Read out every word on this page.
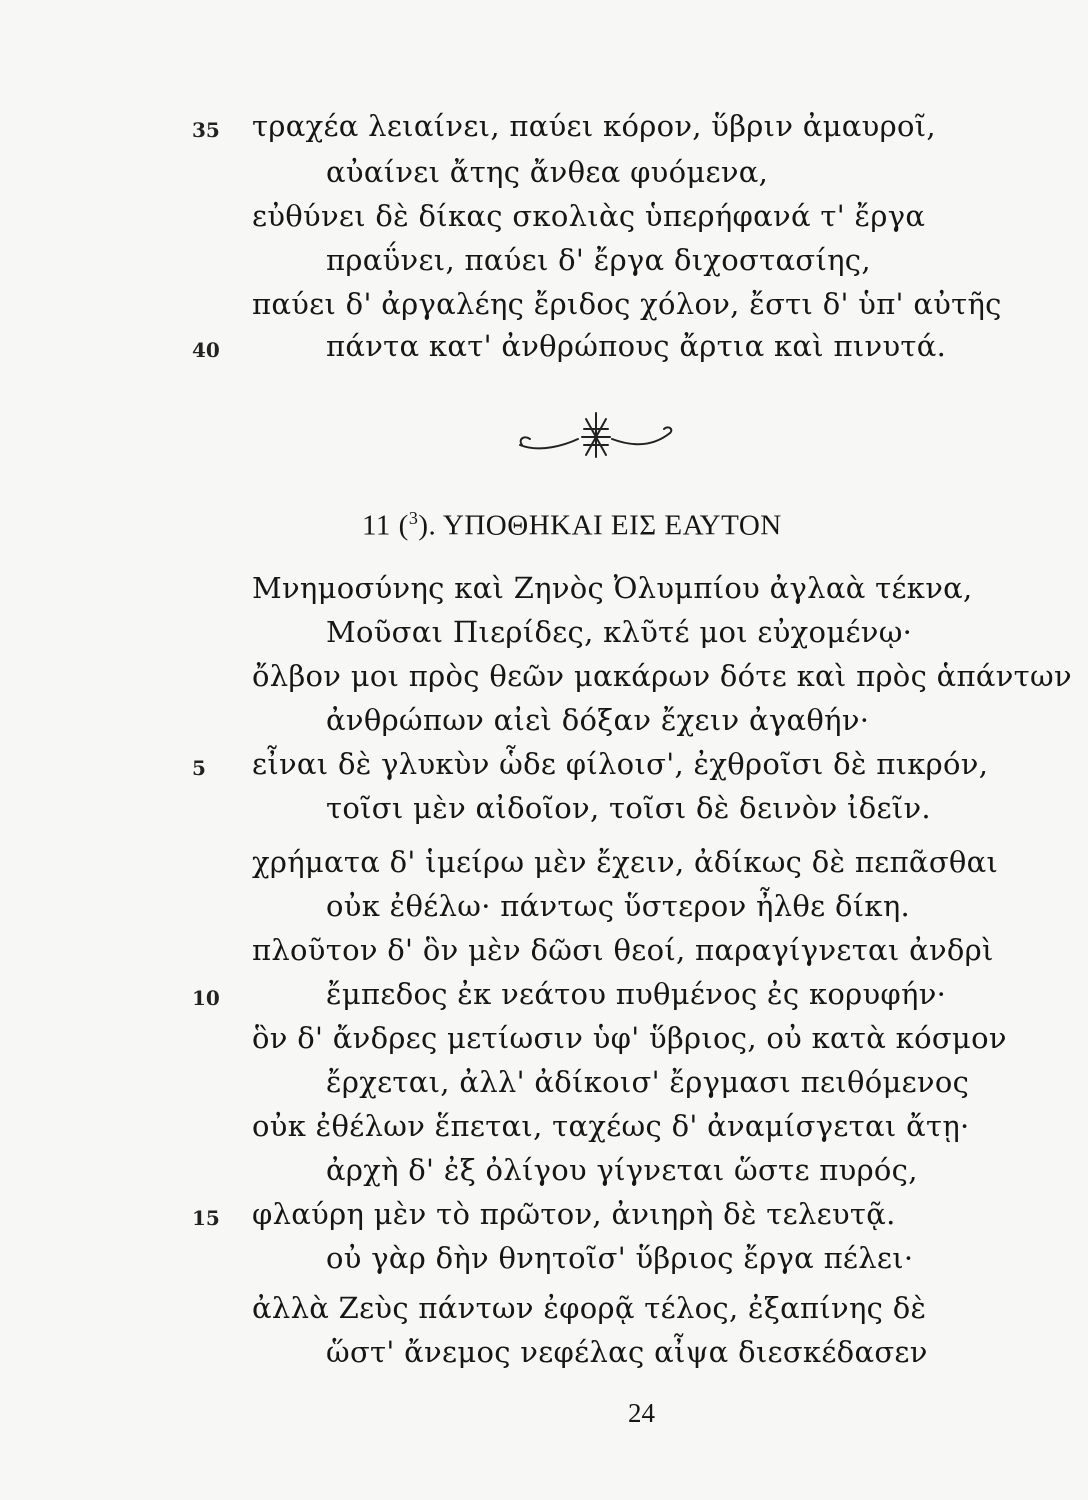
35 τραχέα λειαίνει, παύει κόρον, ὕβριν ἀμαυροῖ,
αὐαίνει ἄτης ἄνθεα φυόμενα,
εὐθύνει δὲ δίκας σκολιὰς ὑπερήφανά τ' ἔργα
πραΰνει, παύει δ' ἔργα διχοστασίης,
παύει δ' ἀργαλέης ἔριδος χόλον, ἔστι δ' ὑπ' αὐτῆς
40	πάντα κατ' ἀνθρώπους ἄρτια καὶ πινυτά.
11 ($^3$). ΥΠΟΘΗΚΑΙ ΕΙΣ ΕΑΥΤΟΝ
Μνημοσύνης καὶ Ζηνὸς Ὀλυμπίου ἀγλαὰ τέκνα,
Μοῦσαι Πιερίδες, κλῦτέ μοι εὐχομένῳ·
ὄλβον μοι πρὸς θεῶν μακάρων δότε καὶ πρὸς ἁπάντων
ἀνθρώπων αἰεὶ δόξαν ἔχειν ἀγαθήν·
5 εἶναι δὲ γλυκὺν ὧδε φίλοισ', ἐχθροῖσι δὲ πικρόν,
τοῖσι μὲν αἰδοῖον, τοῖσι δὲ δεινὸν ἰδεῖν.
χρήματα δ' ἱμείρω μὲν ἔχειν, ἀδίκως δὲ πεπᾶσθαι
οὐκ ἐθέλω· πάντως ὕστερον ἦλθε δίκη.
πλοῦτον δ' ὃν μὲν δῶσι θεοί, παραγίγνεται ἀνδρὶ
10	ἔμπεδος ἐκ νεάτου πυθμένος ἐς κορυφήν·
ὃν δ' ἄνδρες μετίωσιν ὑφ' ὕβριος, οὐ κατὰ κόσμον
ἔρχεται, ἀλλ' ἀδίκοισ' ἔργμασι πειθόμενος
οὐκ ἐθέλων ἕπεται, ταχέως δ' ἀναμίσγεται ἄτῃ·
ἀρχὴ δ' ἐξ ὀλίγου γίγνεται ὥστε πυρός,
15 φλαύρη μὲν τὸ πρῶτον, ἀνιηρὴ δὲ τελευτᾷ.
οὐ γὰρ δὴν θνητοῖσ' ὕβριος ἔργα πέλει·
ἀλλὰ Ζεὺς πάντων ἐφορᾷ τέλος, ἐξαπίνης δὲ
ὥστ' ἄνεμος νεφέλας αἶψα διεσκέδασεν
24
